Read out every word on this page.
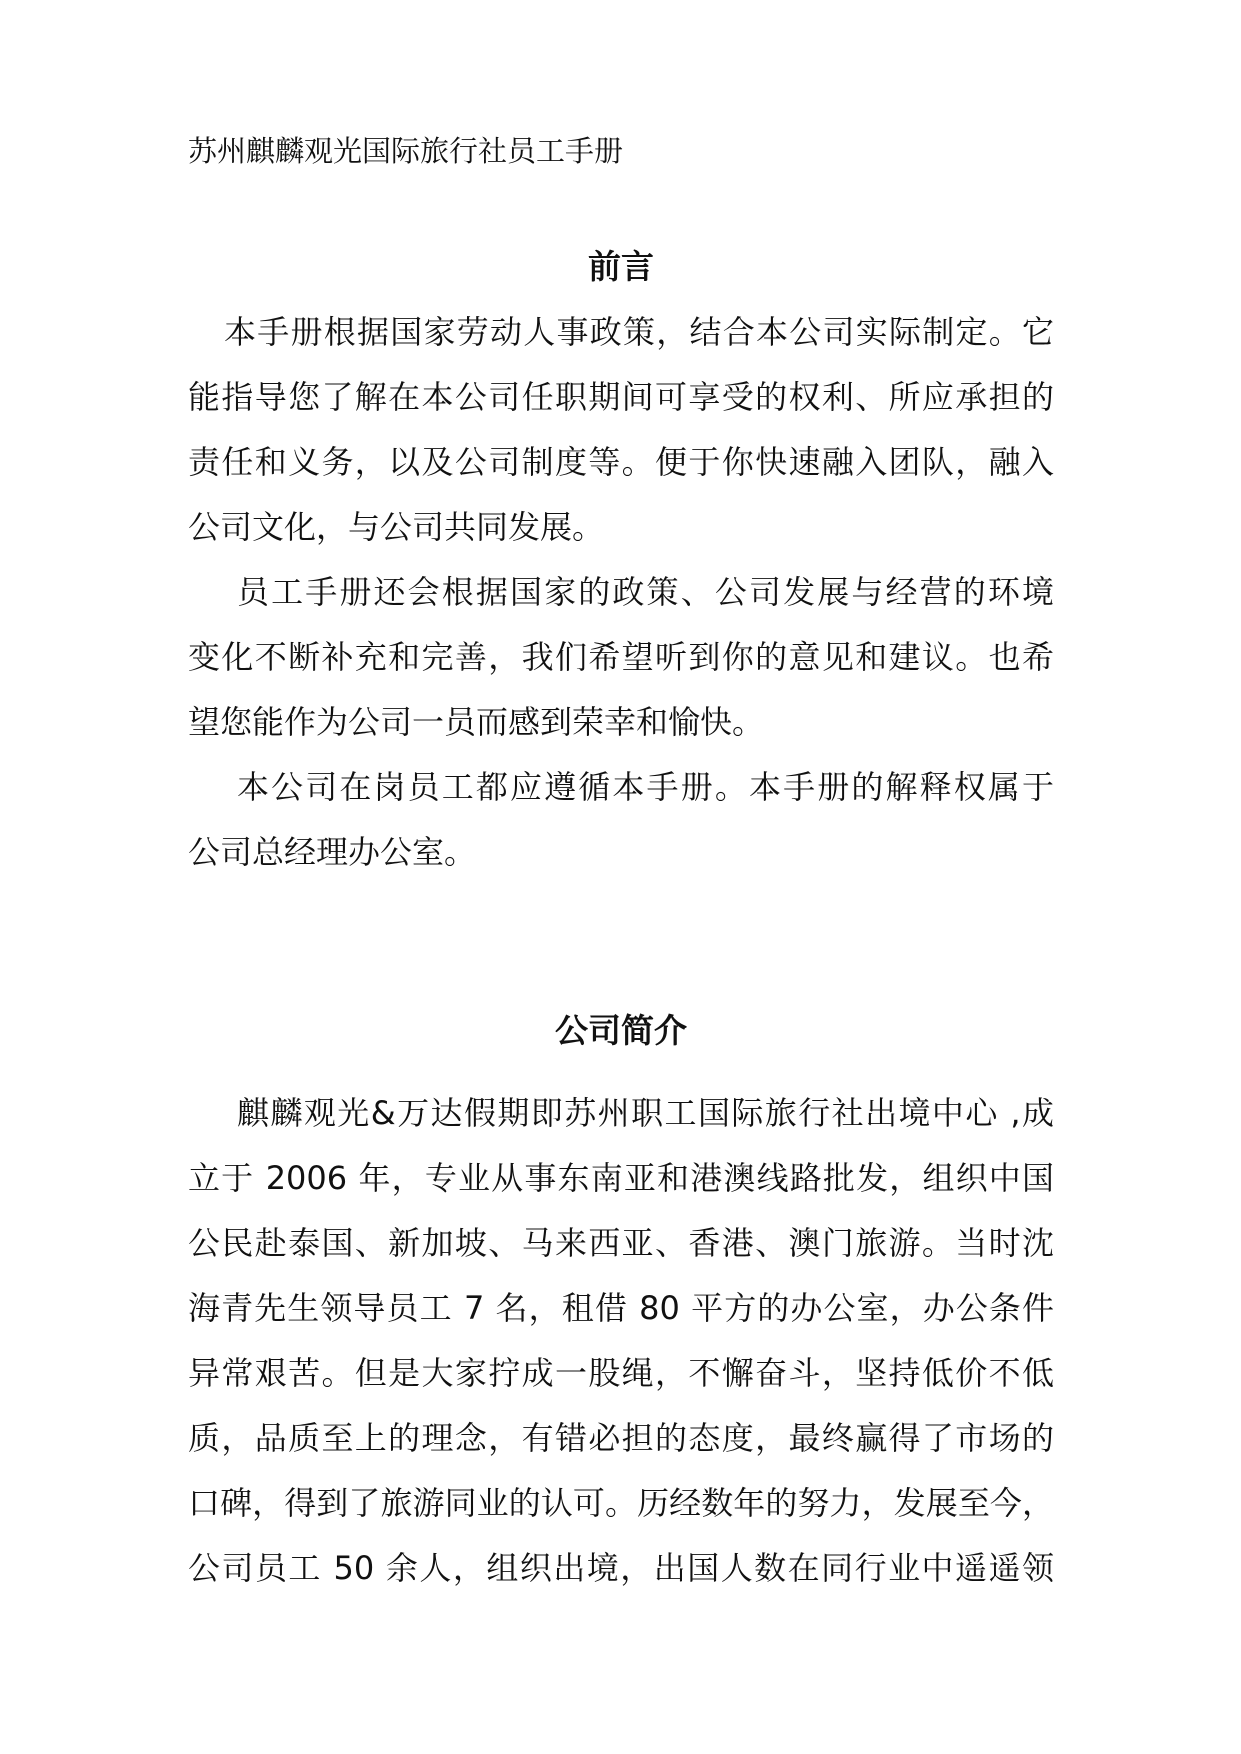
苏州麒麟观光国际旅行社员工手册
前言
本手册根据国家劳动人事政策，结合本公司实际制定。它
能指导您了解在本公司任职期间可享受的权利、所应承担的
责任和义务，以及公司制度等。便于你快速融入团队，融入
公司文化，与公司共同发展。
员工手册还会根据国家的政策、公司发展与经营的环境
变化不断补充和完善，我们希望听到你的意见和建议。也希
望您能作为公司一员而感到荣幸和愉快。
本公司在岗员工都应遵循本手册。本手册的解释权属于
公司总经理办公室。
公司简介
麒麟观光&万达假期即苏州职工国际旅行社出境中心 ,成
立于 2006 年，专业从事东南亚和港澳线路批发，组织中国
公民赴泰国、新加坡、马来西亚、香港、澳门旅游。当时沈
海青先生领导员工 7 名，租借 80 平方的办公室，办公条件
异常艰苦。但是大家拧成一股绳，不懈奋斗，坚持低价不低
质，品质至上的理念，有错必担的态度，最终赢得了市场的
口碑，得到了旅游同业的认可。历经数年的努力，发展至今，
公司员工 50 余人，组织出境，出国人数在同行业中遥遥领
